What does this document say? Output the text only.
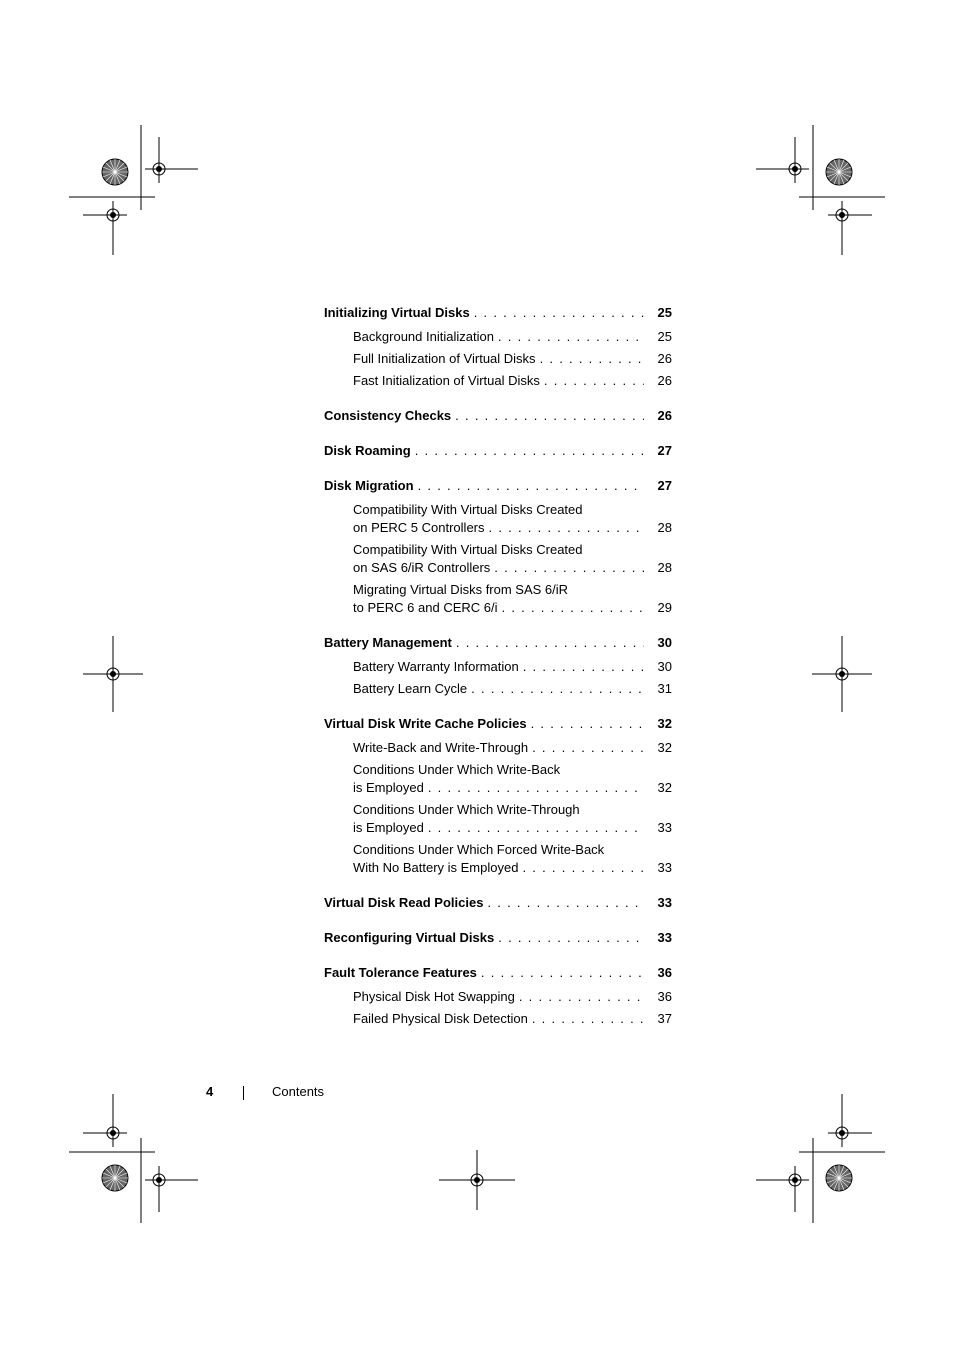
Initializing Virtual Disks . . .	25
Background Initialization . . .	25
Full Initialization of Virtual Disks . . .	26
Fast Initialization of Virtual Disks . . .	26
Consistency Checks . . .	26
Disk Roaming . . .	27
Disk Migration . . .	27
Compatibility With Virtual Disks Created
on PERC 5 Controllers . . .	28
Compatibility With Virtual Disks Created
on SAS 6/iR Controllers . . .	28
Migrating Virtual Disks from SAS 6/iR
to PERC 6 and CERC 6/i . . .	29
Battery Management . . .	30
Battery Warranty Information . . .	30
Battery Learn Cycle . . .	31
Virtual Disk Write Cache Policies . . .	32
Write-Back and Write-Through . . .	32
Conditions Under Which Write-Back
is Employed . . .	32
Conditions Under Which Write-Through
is Employed . . .	33
Conditions Under Which Forced Write-Back
With No Battery is Employed . . .	33
Virtual Disk Read Policies . . .	33
Reconfiguring Virtual Disks . . .	33
Fault Tolerance Features . . .	36
Physical Disk Hot Swapping . . .	36
Failed Physical Disk Detection . . .	37
4	Contents
